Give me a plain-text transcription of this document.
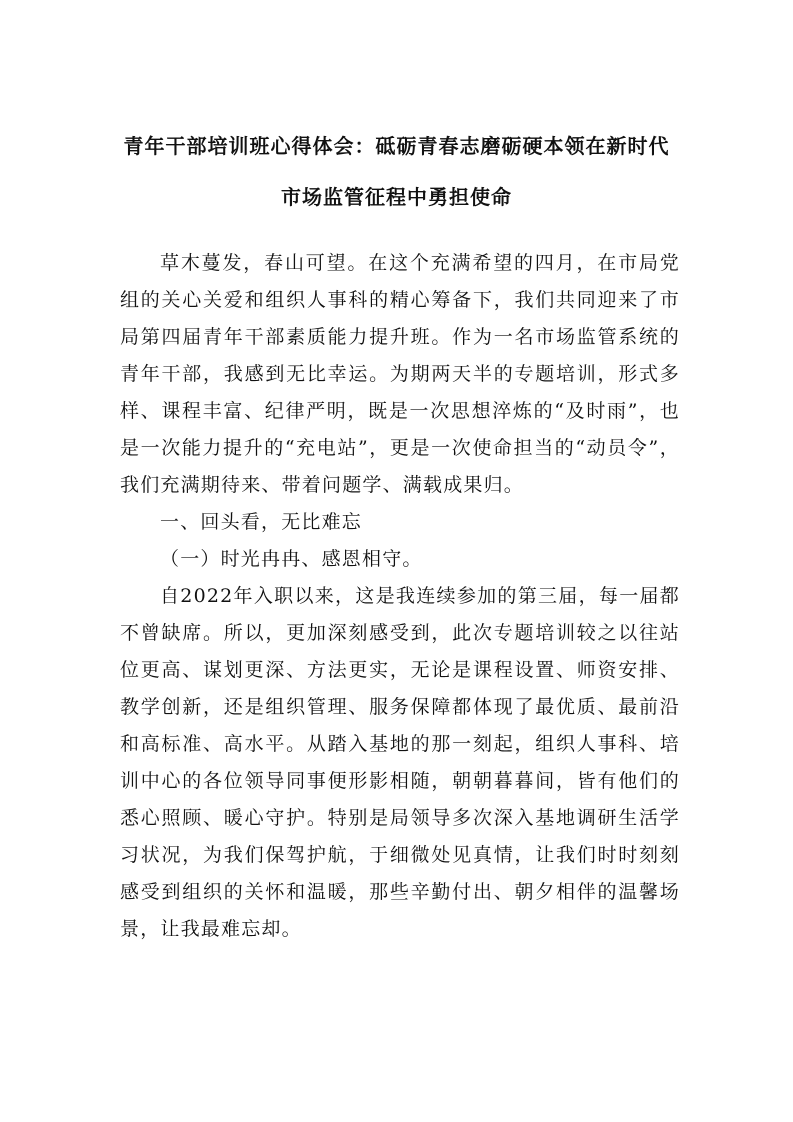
青年干部培训班心得体会：砥砺青春志磨砺硬本领在新时代
市场监管征程中勇担使命

草木蔓发，春山可望。在这个充满希望的四月，在市局党组的关心关爱和组织人事科的精心筹备下，我们共同迎来了市局第四届青年干部素质能力提升班。作为一名市场监管系统的青年干部，我感到无比幸运。为期两天半的专题培训，形式多样、课程丰富、纪律严明，既是一次思想淬炼的“及时雨”，也是一次能力提升的“充电站”，更是一次使命担当的“动员令”，我们充满期待来、带着问题学、满载成果归。

一、回头看，无比难忘

（一）时光冉冉、感恩相守。

自2022年入职以来，这是我连续参加的第三届，每一届都不曾缺席。所以，更加深刻感受到，此次专题培训较之以往站位更高、谋划更深、方法更实，无论是课程设置、师资安排、教学创新，还是组织管理、服务保障都体现了最优质、最前沿和高标准、高水平。从踏入基地的那一刻起，组织人事科、培训中心的各位领导同事便形影相随，朝朝暮暮间，皆有他们的悉心照顾、暖心守护。特别是局领导多次深入基地调研生活学习状况，为我们保驾护航，于细微处见真情，让我们时时刻刻感受到组织的关怀和温暖，那些辛勤付出、朝夕相伴的温馨场景，让我最难忘却。
